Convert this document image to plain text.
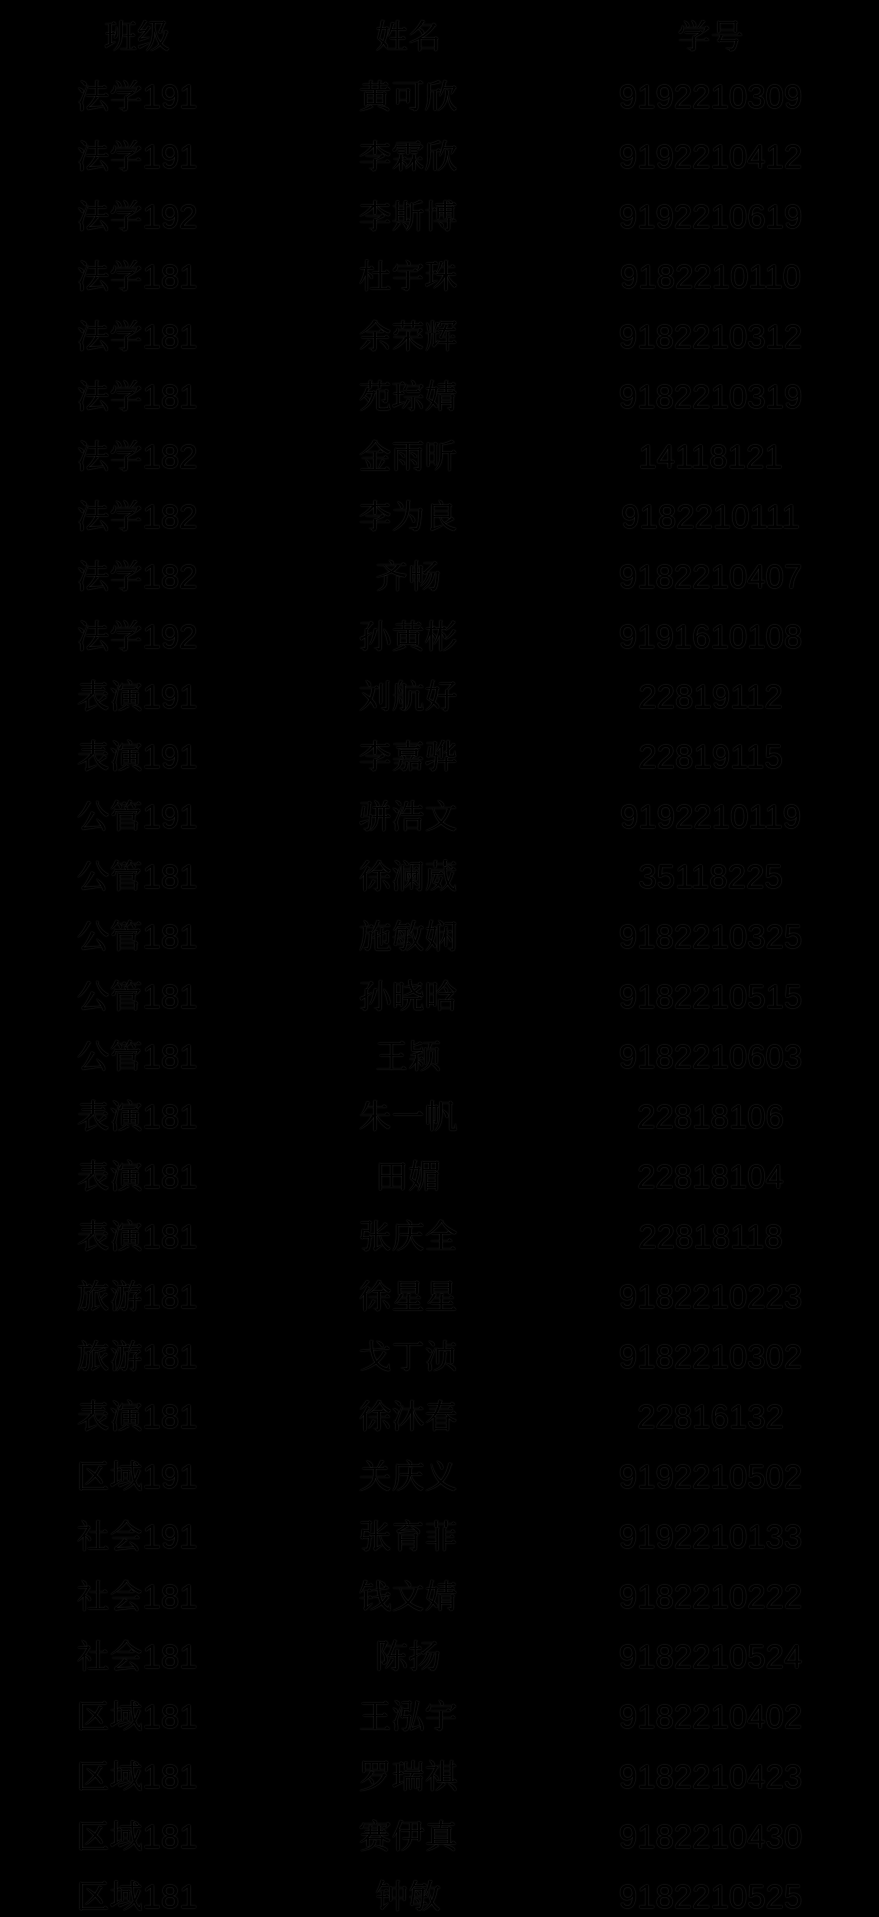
班级	姓名	学号
法学191	黄可欣	9192210309
法学191	李霖欣	9192210412
法学192	李斯博	9192210619
法学181	杜宇珠	9182210110
法学181	余荣辉	9182210312
法学181	苑琮婧	9182210319
法学182	金雨昕	14118121
法学182	李为良	9182210111
法学182	齐畅	9182210407
法学192	孙黄彬	9191610108
表演191	刘航好	22819112
表演191	李嘉骅	22819115
公管191	骈浩文	9192210119
公管181	徐澜葳	35118225
公管181	施敏娴	9182210325
公管181	孙晓晗	9182210515
公管181	王颖	9182210603
表演181	朱一帆	22818106
表演181	田媚	22818104
表演181	张庆全	22818118
旅游181	徐星星	9182210223
旅游181	戈丁浈	9182210302
表演181	徐沐春	22816132
区域191	关庆义	9192210502
社会191	张育菲	9192210133
社会181	钱文婧	9182210222
社会181	陈扬	9182210524
区域181	王泓宇	9182210402
区域181	罗瑞祺	9182210423
区域181	赛伊真	9182210430
区域181	钟敏	9182210525
